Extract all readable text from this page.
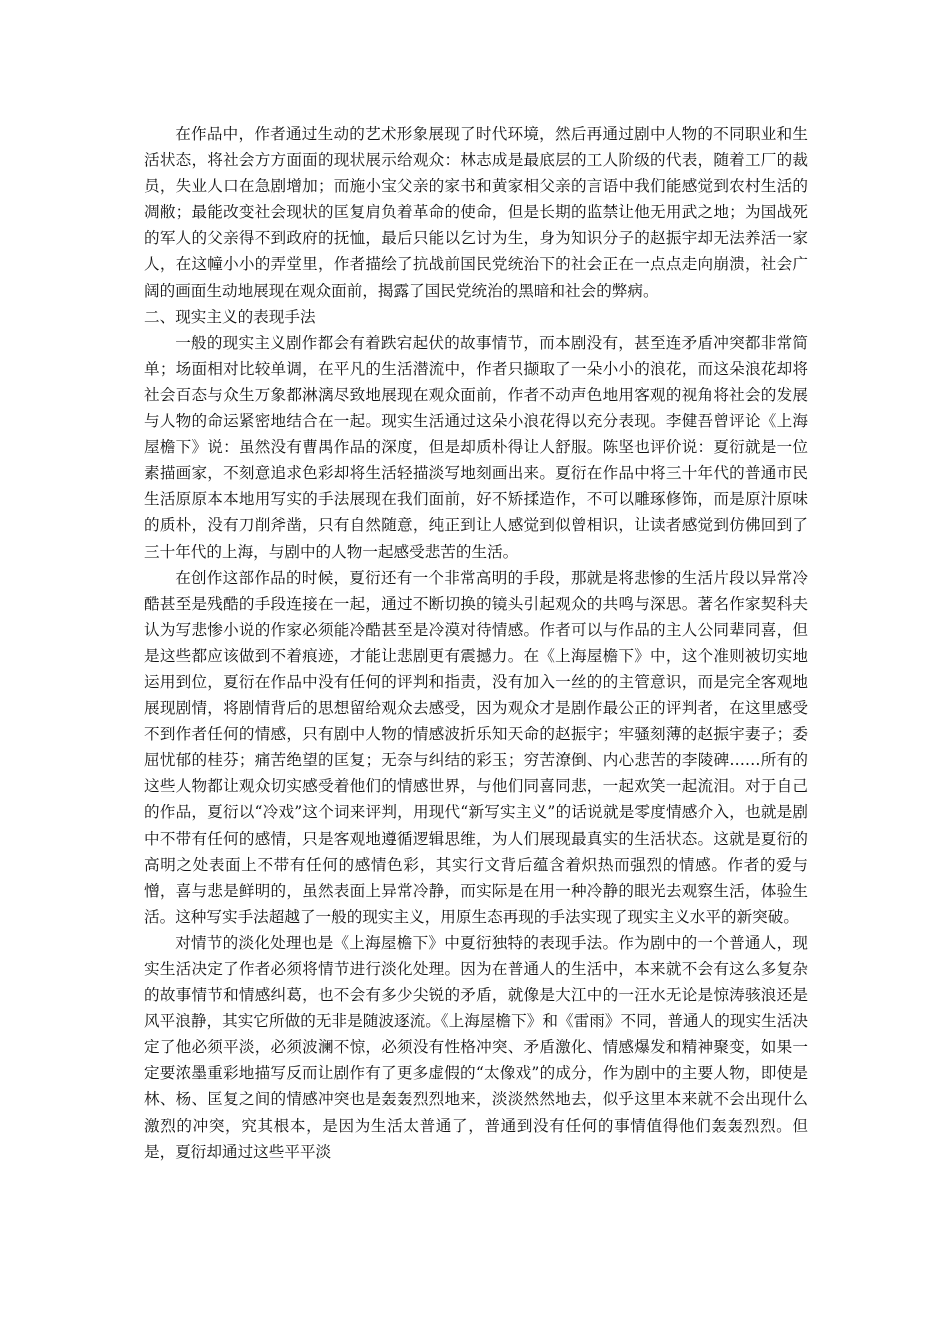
在作品中，作者通过生动的艺术形象展现了时代环境，然后再通过剧中人物的不同职业和生活状态，将社会方方面面的现状展示给观众：林志成是最底层的工人阶级的代表，随着工厂的裁员，失业人口在急剧增加；而施小宝父亲的家书和黄家相父亲的言语中我们能感觉到农村生活的凋敝；最能改变社会现状的匡复肩负着革命的使命，但是长期的监禁让他无用武之地；为国战死的军人的父亲得不到政府的抚恤，最后只能以乞讨为生，身为知识分子的赵振宇却无法养活一家人，在这幢小小的弄堂里，作者描绘了抗战前国民党统治下的社会正在一点点走向崩溃，社会广阔的画面生动地展现在观众面前，揭露了国民党统治的黑暗和社会的弊病。

二、现实主义的表现手法

一般的现实主义剧作都会有着跌宕起伏的故事情节，而本剧没有，甚至连矛盾冲突都非常简单；场面相对比较单调，在平凡的生活潜流中，作者只撷取了一朵小小的浪花，而这朵浪花却将社会百态与众生万象都淋漓尽致地展现在观众面前，作者不动声色地用客观的视角将社会的发展与人物的命运紧密地结合在一起。现实生活通过这朵小浪花得以充分表现。李健吾曾评论《上海屋檐下》说：虽然没有曹禺作品的深度，但是却质朴得让人舒服。陈坚也评价说：夏衍就是一位素描画家，不刻意追求色彩却将生活轻描淡写地刻画出来。夏衍在作品中将三十年代的普通市民生活原原本本地用写实的手法展现在我们面前，好不矫揉造作，不可以雕琢修饰，而是原汁原味的质朴，没有刀削斧凿，只有自然随意，纯正到让人感觉到似曾相识，让读者感觉到仿佛回到了三十年代的上海，与剧中的人物一起感受悲苦的生活。

在创作这部作品的时候，夏衍还有一个非常高明的手段，那就是将悲惨的生活片段以异常冷酷甚至是残酷的手段连接在一起，通过不断切换的镜头引起观众的共鸣与深思。著名作家契科夫认为写悲惨小说的作家必须能冷酷甚至是冷漠对待情感。作者可以与作品的主人公同辈同喜，但是这些都应该做到不着痕迹，才能让悲剧更有震撼力。在《上海屋檐下》中，这个准则被切实地运用到位，夏衍在作品中没有任何的评判和指责，没有加入一丝的的主管意识，而是完全客观地展现剧情，将剧情背后的思想留给观众去感受，因为观众才是剧作最公正的评判者，在这里感受不到作者任何的情感，只有剧中人物的情感波折乐知天命的赵振宇；牢骚刻薄的赵振宇妻子；委屈忧郁的桂芬；痛苦绝望的匡复；无奈与纠结的彩玉；穷苦潦倒、内心悲苦的李陵碑……所有的这些人物都让观众切实感受着他们的情感世界，与他们同喜同悲，一起欢笑一起流泪。对于自己的作品，夏衍以“冷戏”这个词来评判，用现代“新写实主义”的话说就是零度情感介入，也就是剧中不带有任何的感情，只是客观地遵循逻辑思维，为人们展现最真实的生活状态。这就是夏衍的高明之处表面上不带有任何的感情色彩，其实行文背后蕴含着炽热而强烈的情感。作者的爱与憎，喜与悲是鲜明的，虽然表面上异常冷静，而实际是在用一种冷静的眼光去观察生活，体验生活。这种写实手法超越了一般的现实主义，用原生态再现的手法实现了现实主义水平的新突破。

对情节的淡化处理也是《上海屋檐下》中夏衍独特的表现手法。作为剧中的一个普通人，现实生活决定了作者必须将情节进行淡化处理。因为在普通人的生活中，本来就不会有这么多复杂的故事情节和情感纠葛，也不会有多少尖锐的矛盾，就像是大江中的一汪水无论是惊涛骇浪还是风平浪静，其实它所做的无非是随波逐流。《上海屋檐下》和《雷雨》不同，普通人的现实生活决定了他必须平淡，必须波澜不惊，必须没有性格冲突、矛盾激化、情感爆发和精神聚变，如果一定要浓墨重彩地描写反而让剧作有了更多虚假的“太像戏”的成分，作为剧中的主要人物，即使是林、杨、匡复之间的情感冲突也是轰轰烈烈地来，淡淡然然地去，似乎这里本来就不会出现什么激烈的冲突，究其根本，是因为生活太普通了，普通到没有任何的事情值得他们轰轰烈烈。但是，夏衍却通过这些平平淡
